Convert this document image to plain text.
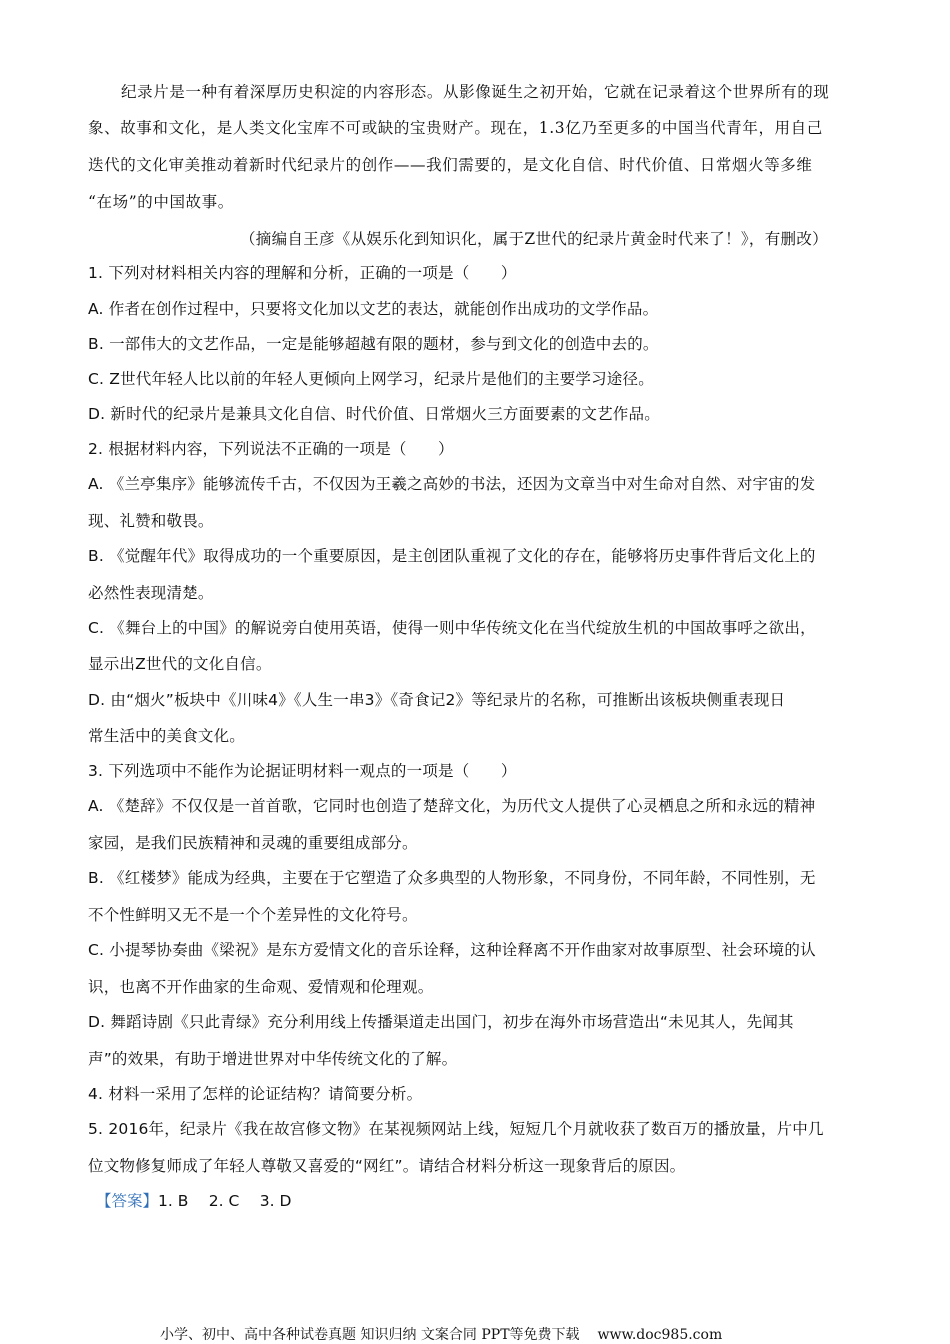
纪录片是一种有着深厚历史积淀的内容形态。从影像诞生之初开始，它就在记录着这个世界所有的现
象、故事和文化，是人类文化宝库不可或缺的宝贵财产。现在，1.3亿乃至更多的中国当代青年，用自己
迭代的文化审美推动着新时代纪录片的创作——我们需要的，是文化自信、时代价值、日常烟火等多维
“在场”的中国故事。
（摘编自王彦《从娱乐化到知识化，属于Z世代的纪录片黄金时代来了！》，有删改）
1. 下列对材料相关内容的理解和分析，正确的一项是（　　）
A. 作者在创作过程中，只要将文化加以文艺的表达，就能创作出成功的文学作品。
B. 一部伟大的文艺作品，一定是能够超越有限的题材，参与到文化的创造中去的。
C. Z世代年轻人比以前的年轻人更倾向上网学习，纪录片是他们的主要学习途径。
D. 新时代的纪录片是兼具文化自信、时代价值、日常烟火三方面要素的文艺作品。
2. 根据材料内容，下列说法不正确的一项是（　　）
A. 《兰亭集序》能够流传千古，不仅因为王羲之高妙的书法，还因为文章当中对生命对自然、对宇宙的发
现、礼赞和敬畏。
B. 《觉醒年代》取得成功的一个重要原因，是主创团队重视了文化的存在，能够将历史事件背后文化上的
必然性表现清楚。
C. 《舞台上的中国》的解说旁白使用英语，使得一则中华传统文化在当代绽放生机的中国故事呼之欲出，
显示出Z世代的文化自信。
D. 由“烟火”板块中《川味4》《人生一串3》《奇食记2》等纪录片的名称，可推断出该板块侧重表现日
常生活中的美食文化。
3. 下列选项中不能作为论据证明材料一观点的一项是（　　）
A. 《楚辞》不仅仅是一首首歌，它同时也创造了楚辞文化，为历代文人提供了心灵栖息之所和永远的精神
家园，是我们民族精神和灵魂的重要组成部分。
B. 《红楼梦》能成为经典，主要在于它塑造了众多典型的人物形象，不同身份，不同年龄，不同性别，无
不个性鲜明又无不是一个个差异性的文化符号。
C. 小提琴协奏曲《梁祝》是东方爱情文化的音乐诠释，这种诠释离不开作曲家对故事原型、社会环境的认
识，也离不开作曲家的生命观、爱情观和伦理观。
D. 舞蹈诗剧《只此青绿》充分利用线上传播渠道走出国门，初步在海外市场营造出“未见其人，先闻其
声”的效果，有助于增进世界对中华传统文化的了解。
4. 材料一采用了怎样的论证结构？请简要分析。
5. 2016年，纪录片《我在故宫修文物》在某视频网站上线，短短几个月就收获了数百万的播放量，片中几
位文物修复师成了年轻人尊敬又喜爱的“网红”。请结合材料分析这一现象背后的原因。
【答案】1. B　 2. C　 3. D
小学、初中、高中各种试卷真题 知识归纳 文案合同 PPT等免费下载 www.doc985.com
